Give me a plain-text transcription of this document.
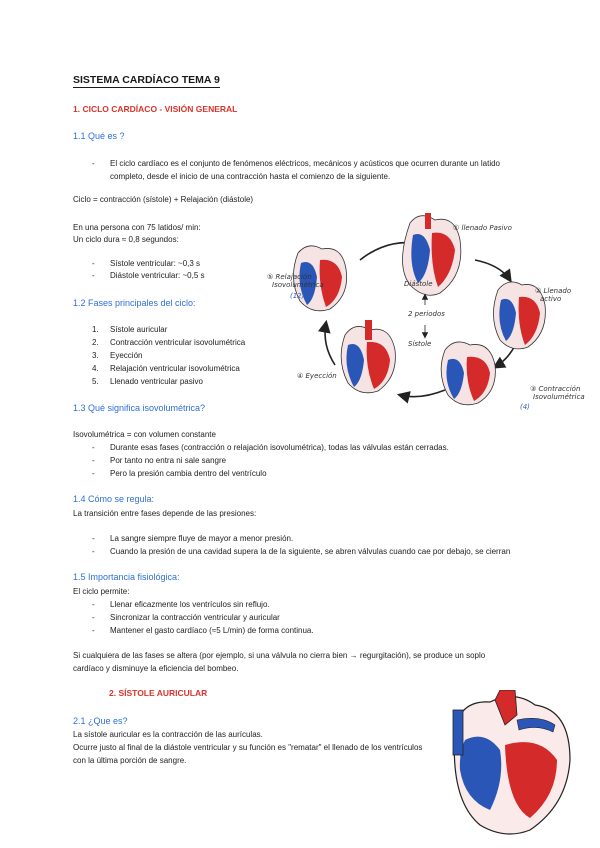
SISTEMA CARDÍACO TEMA 9
1. CICLO CARDÍACO - VISIÓN GENERAL
1.1 Qué es ?
El ciclo cardíaco es el conjunto de fenómenos eléctricos, mecánicos y acústicos que ocurren durante un latido
completo, desde el inicio de una contracción hasta el comienzo de la siguiente.
Ciclo = contracción (sístole) + Relajación (diástole)
En una persona con 75 latidos/ min:
Un ciclo dura ≈ 0,8 segundos:
Sístole ventricular: ~0,3 s
Diástole ventricular: ~0,5 s
1.2 Fases principales del ciclo:
1. Sístole auricular
2. Contracción ventricular isovolumétrica
3. Eyección
4. Relajación ventricular isovolumétrica
5. Llenado ventricular pasivo
1.3 Qué significa isovolumétrica?
Isovolumétrica = con volumen constante
Durante esas fases (contracción o relajación isovolumétrica), todas las válvulas están cerradas.
Por tanto no entra ni sale sangre
Pero la presión cambia dentro del ventrículo
1.4 Cómo se regula:
La transición entre fases depende de las presiones:
La sangre siempre fluye de mayor a menor presión.
Cuando la presión de una cavidad supera la de la siguiente, se abren válvulas cuando cae por debajo, se cierran
1.5 Importancia fisiológica:
El ciclo permite:
Llenar eficazmente los ventrículos sin reflujo.
Sincronizar la contracción ventricular y auricular
Mantener el gasto cardíaco (≈5 L/min) de forma continua.
Si cualquiera de las fases se altera (por ejemplo, si una válvula no cierra bien → regurgitación), se produce un soplo
cardíaco y disminuye la eficiencia del bombeo.
2. SÍSTOLE AURICULAR
2.1 ¿Que es?
La sístole auricular es la contracción de las aurículas.
Ocurre justo al final de la diástole ventricular y su función es "rematar" el llenado de los ventrículos
con la última porción de sangre.
Diástole
2 periodos
Sístole
① llenado Pasivo
② Llenado
activo
③ Contracción
Isovolumétrica
(4)
④ Eyección
⑤ Relajación
Isovolumétrica
(12)
